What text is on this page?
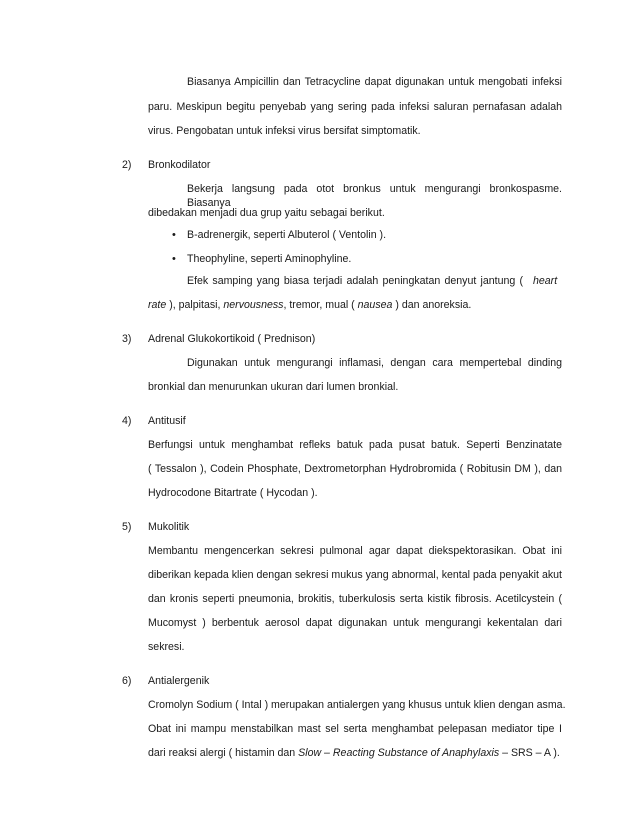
Biasanya Ampicillin dan Tetracycline dapat digunakan untuk mengobati infeksi
paru. Meskipun begitu penyebab yang sering pada infeksi saluran pernafasan adalah
virus. Pengobatan untuk infeksi virus bersifat simptomatik.
2) Bronkodilator
Bekerja langsung pada otot bronkus untuk mengurangi bronkospasme. Biasanya
dibedakan menjadi dua grup yaitu sebagai berikut.
• B-adrenergik, seperti Albuterol ( Ventolin ).
• Theophyline, seperti Aminophyline.
Efek samping yang biasa terjadi adalah peningkatan denyut jantung ( heart
rate ), palpitasi, nervousness, tremor, mual ( nausea ) dan anoreksia.
3) Adrenal Glukokortikoid ( Prednison)
Digunakan untuk mengurangi inflamasi, dengan cara mempertebal dinding
bronkial dan menurunkan ukuran dari lumen bronkial.
4) Antitusif
Berfungsi untuk menghambat refleks batuk pada pusat batuk. Seperti Benzinatate
( Tessalon ), Codein Phosphate, Dextrometorphan Hydrobromida ( Robitusin DM ), dan
Hydrocodone Bitartrate ( Hycodan ).
5) Mukolitik
Membantu mengencerkan sekresi pulmonal agar dapat diekspektorasikan. Obat ini
diberikan kepada klien dengan sekresi mukus yang abnormal, kental pada penyakit akut
dan kronis seperti pneumonia, brokitis, tuberkulosis serta kistik fibrosis. Acetilcystein (
Mucomyst ) berbentuk aerosol dapat digunakan untuk mengurangi kekentalan dari
sekresi.
6) Antialergenik
Cromolyn Sodium ( Intal ) merupakan antialergen yang khusus untuk klien dengan asma.
Obat ini mampu menstabilkan mast sel serta menghambat pelepasan mediator tipe I
dari reaksi alergi ( histamin dan Slow – Reacting Substance of Anaphylaxis – SRS – A ).
